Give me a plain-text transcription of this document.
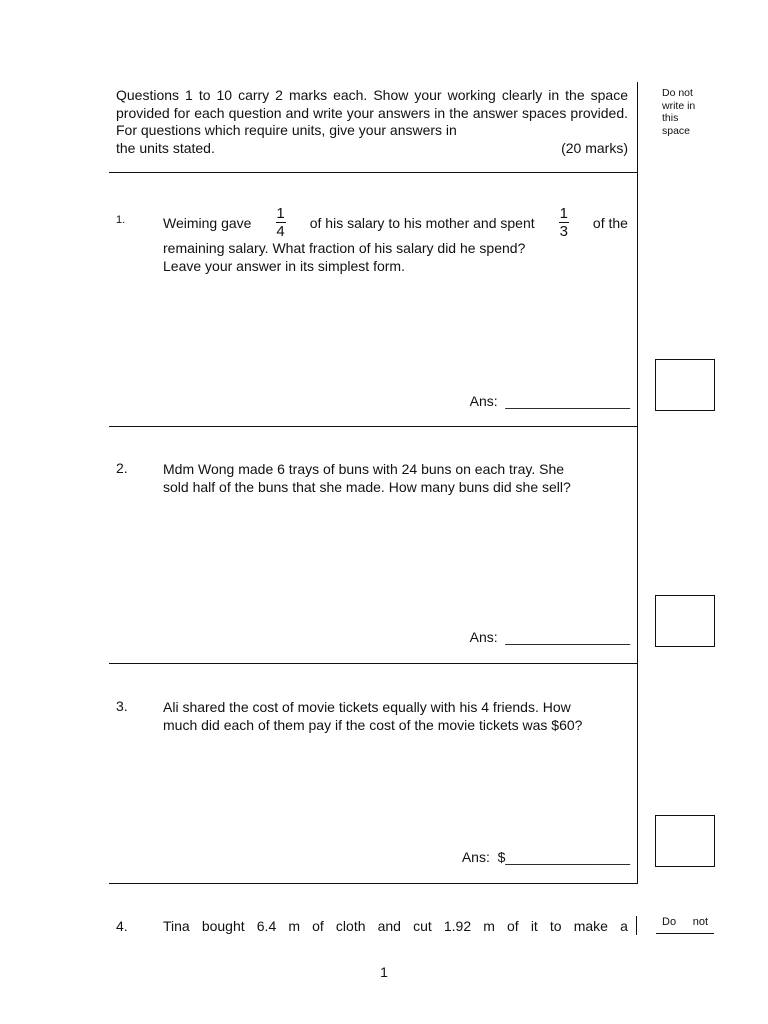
Questions 1 to 10 carry 2 marks each. Show your working clearly in the space provided for each question and write your answers in the answer spaces provided. For questions which require units, give your answers in
the units stated.	(20 marks)
Do not
write in
this
space
1.	Weiming gave $\frac{1}{4}$ of his salary to his mother and spent $\frac{1}{3}$ of the
remaining salary. What fraction of his salary did he spend?
Leave your answer in its simplest form.
Ans:  ________________
2.	Mdm Wong made 6 trays of buns with 24 buns on each tray. She
sold half of the buns that she made. How many buns did she sell?
Ans:  ________________
3.	Ali shared the cost of movie tickets equally with his 4 friends. How
much did each of them pay if the cost of the movie tickets was $60?
Ans:  $________________
4.	Tina bought 6.4 m of cloth and cut 1.92 m of it to make a	Do not
1
